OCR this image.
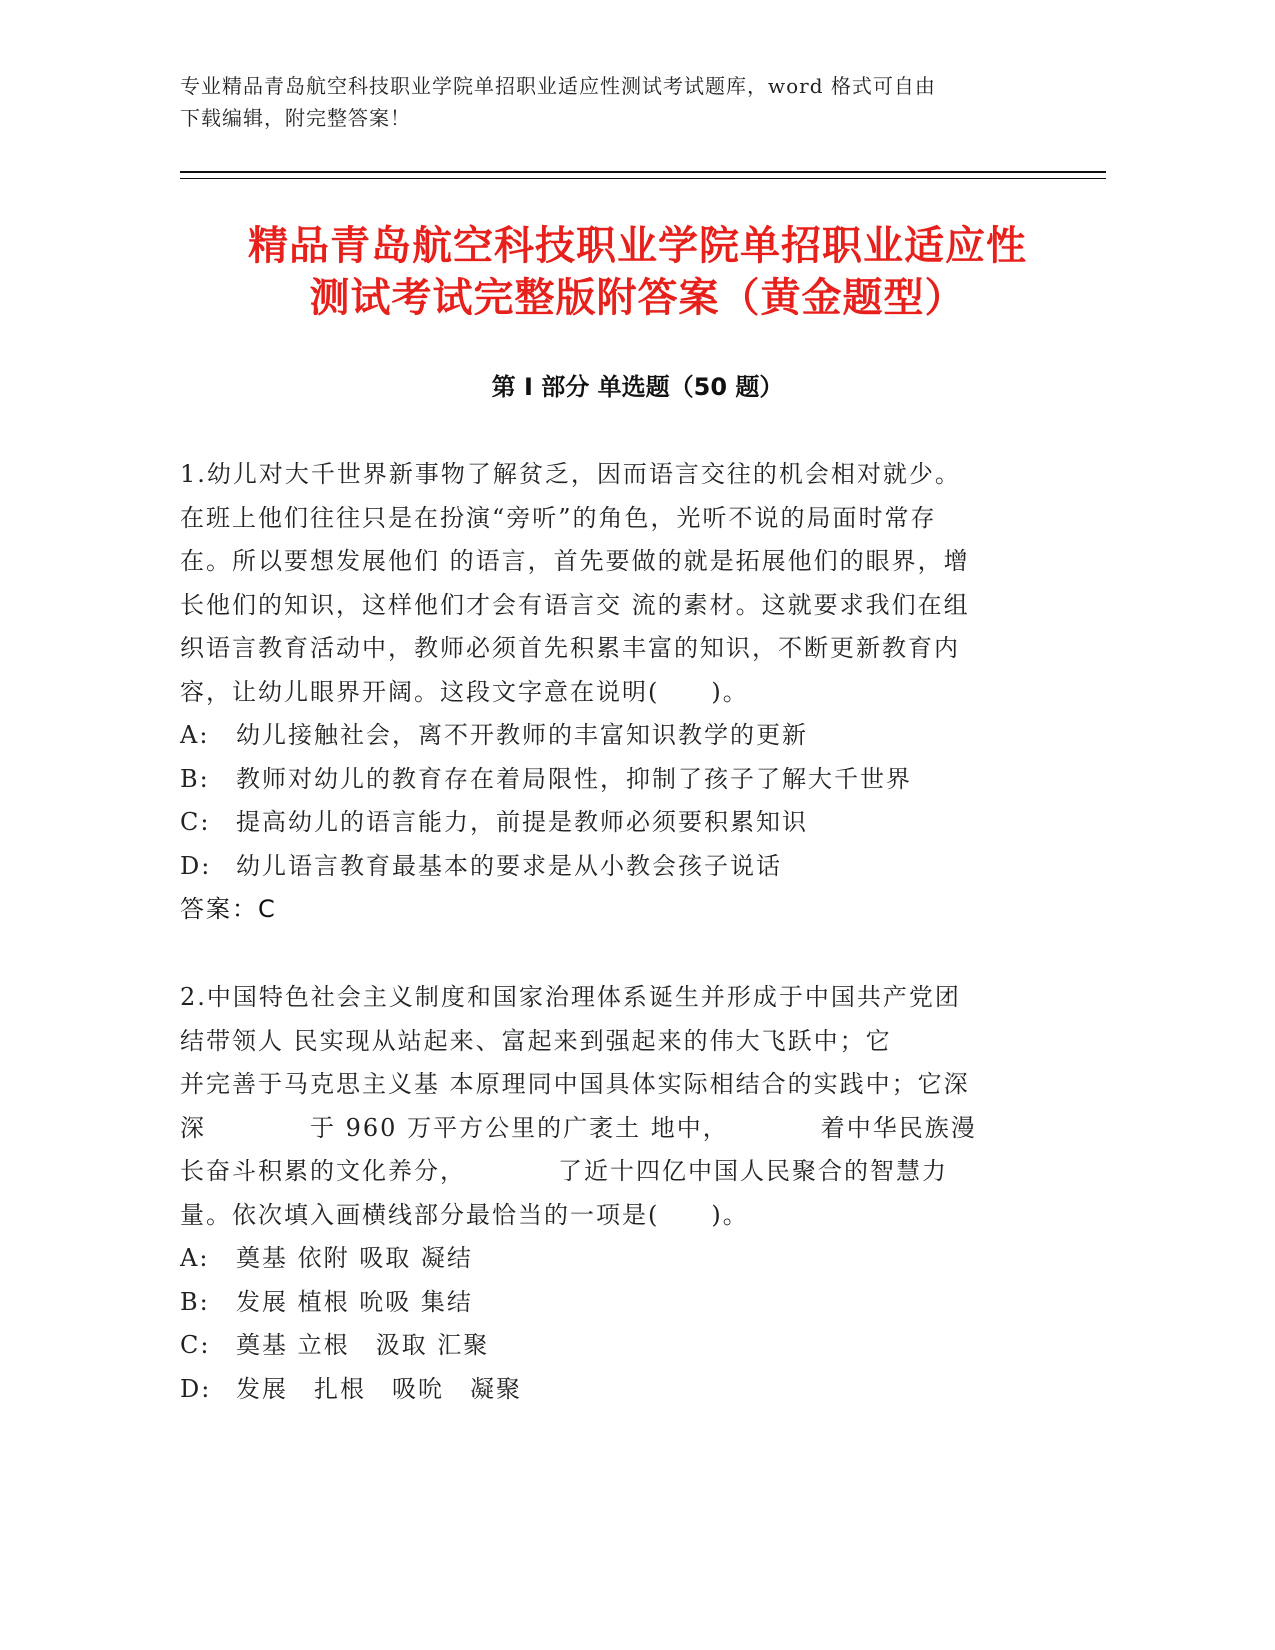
专业精品青岛航空科技职业学院单招职业适应性测试考试题库，word 格式可自由

下载编辑，附完整答案！

精品青岛航空科技职业学院单招职业适应性

测试考试完整版附答案（黄金题型）

第 I 部分 单选题（50 题）

1.幼儿对大千世界新事物了解贫乏，因而语言交往的机会相对就少。

在班上他们往往只是在扮演“旁听”的角色，光听不说的局面时常存

在。所以要想发展他们 的语言，首先要做的就是拓展他们的眼界，增

长他们的知识，这样他们才会有语言交 流的素材。这就要求我们在组

织语言教育活动中，教师必须首先积累丰富的知识，不断更新教育内

容，让幼儿眼界开阔。这段文字意在说明(　　)。

A:	幼儿接触社会，离不开教师的丰富知识教学的更新
B:	教师对幼儿的教育存在着局限性，抑制了孩子了解大千世界
C:	提高幼儿的语言能力，前提是教师必须要积累知识
D:	幼儿语言教育最基本的要求是从小教会孩子说话

答案：C

2.中国特色社会主义制度和国家治理体系诞生并形成于中国共产党团

结带领人 民实现从站起来、富起来到强起来的伟大飞跃中；它

并完善于马克思主义基 本原理同中国具体实际相结合的实践中；它深

深　　　　于 960 万平方公里的广袤土 地中，　　　　着中华民族漫

长奋斗积累的文化养分，　　　　了近十四亿中国人民聚合的智慧力

量。依次填入画横线部分最恰当的一项是(　　)。

A:	奠基 依附 吸取 凝结
B:	发展 植根 吮吸 集结
C:	奠基 立根　汲取 汇聚
D:	发展　扎根　吸吮　凝聚
